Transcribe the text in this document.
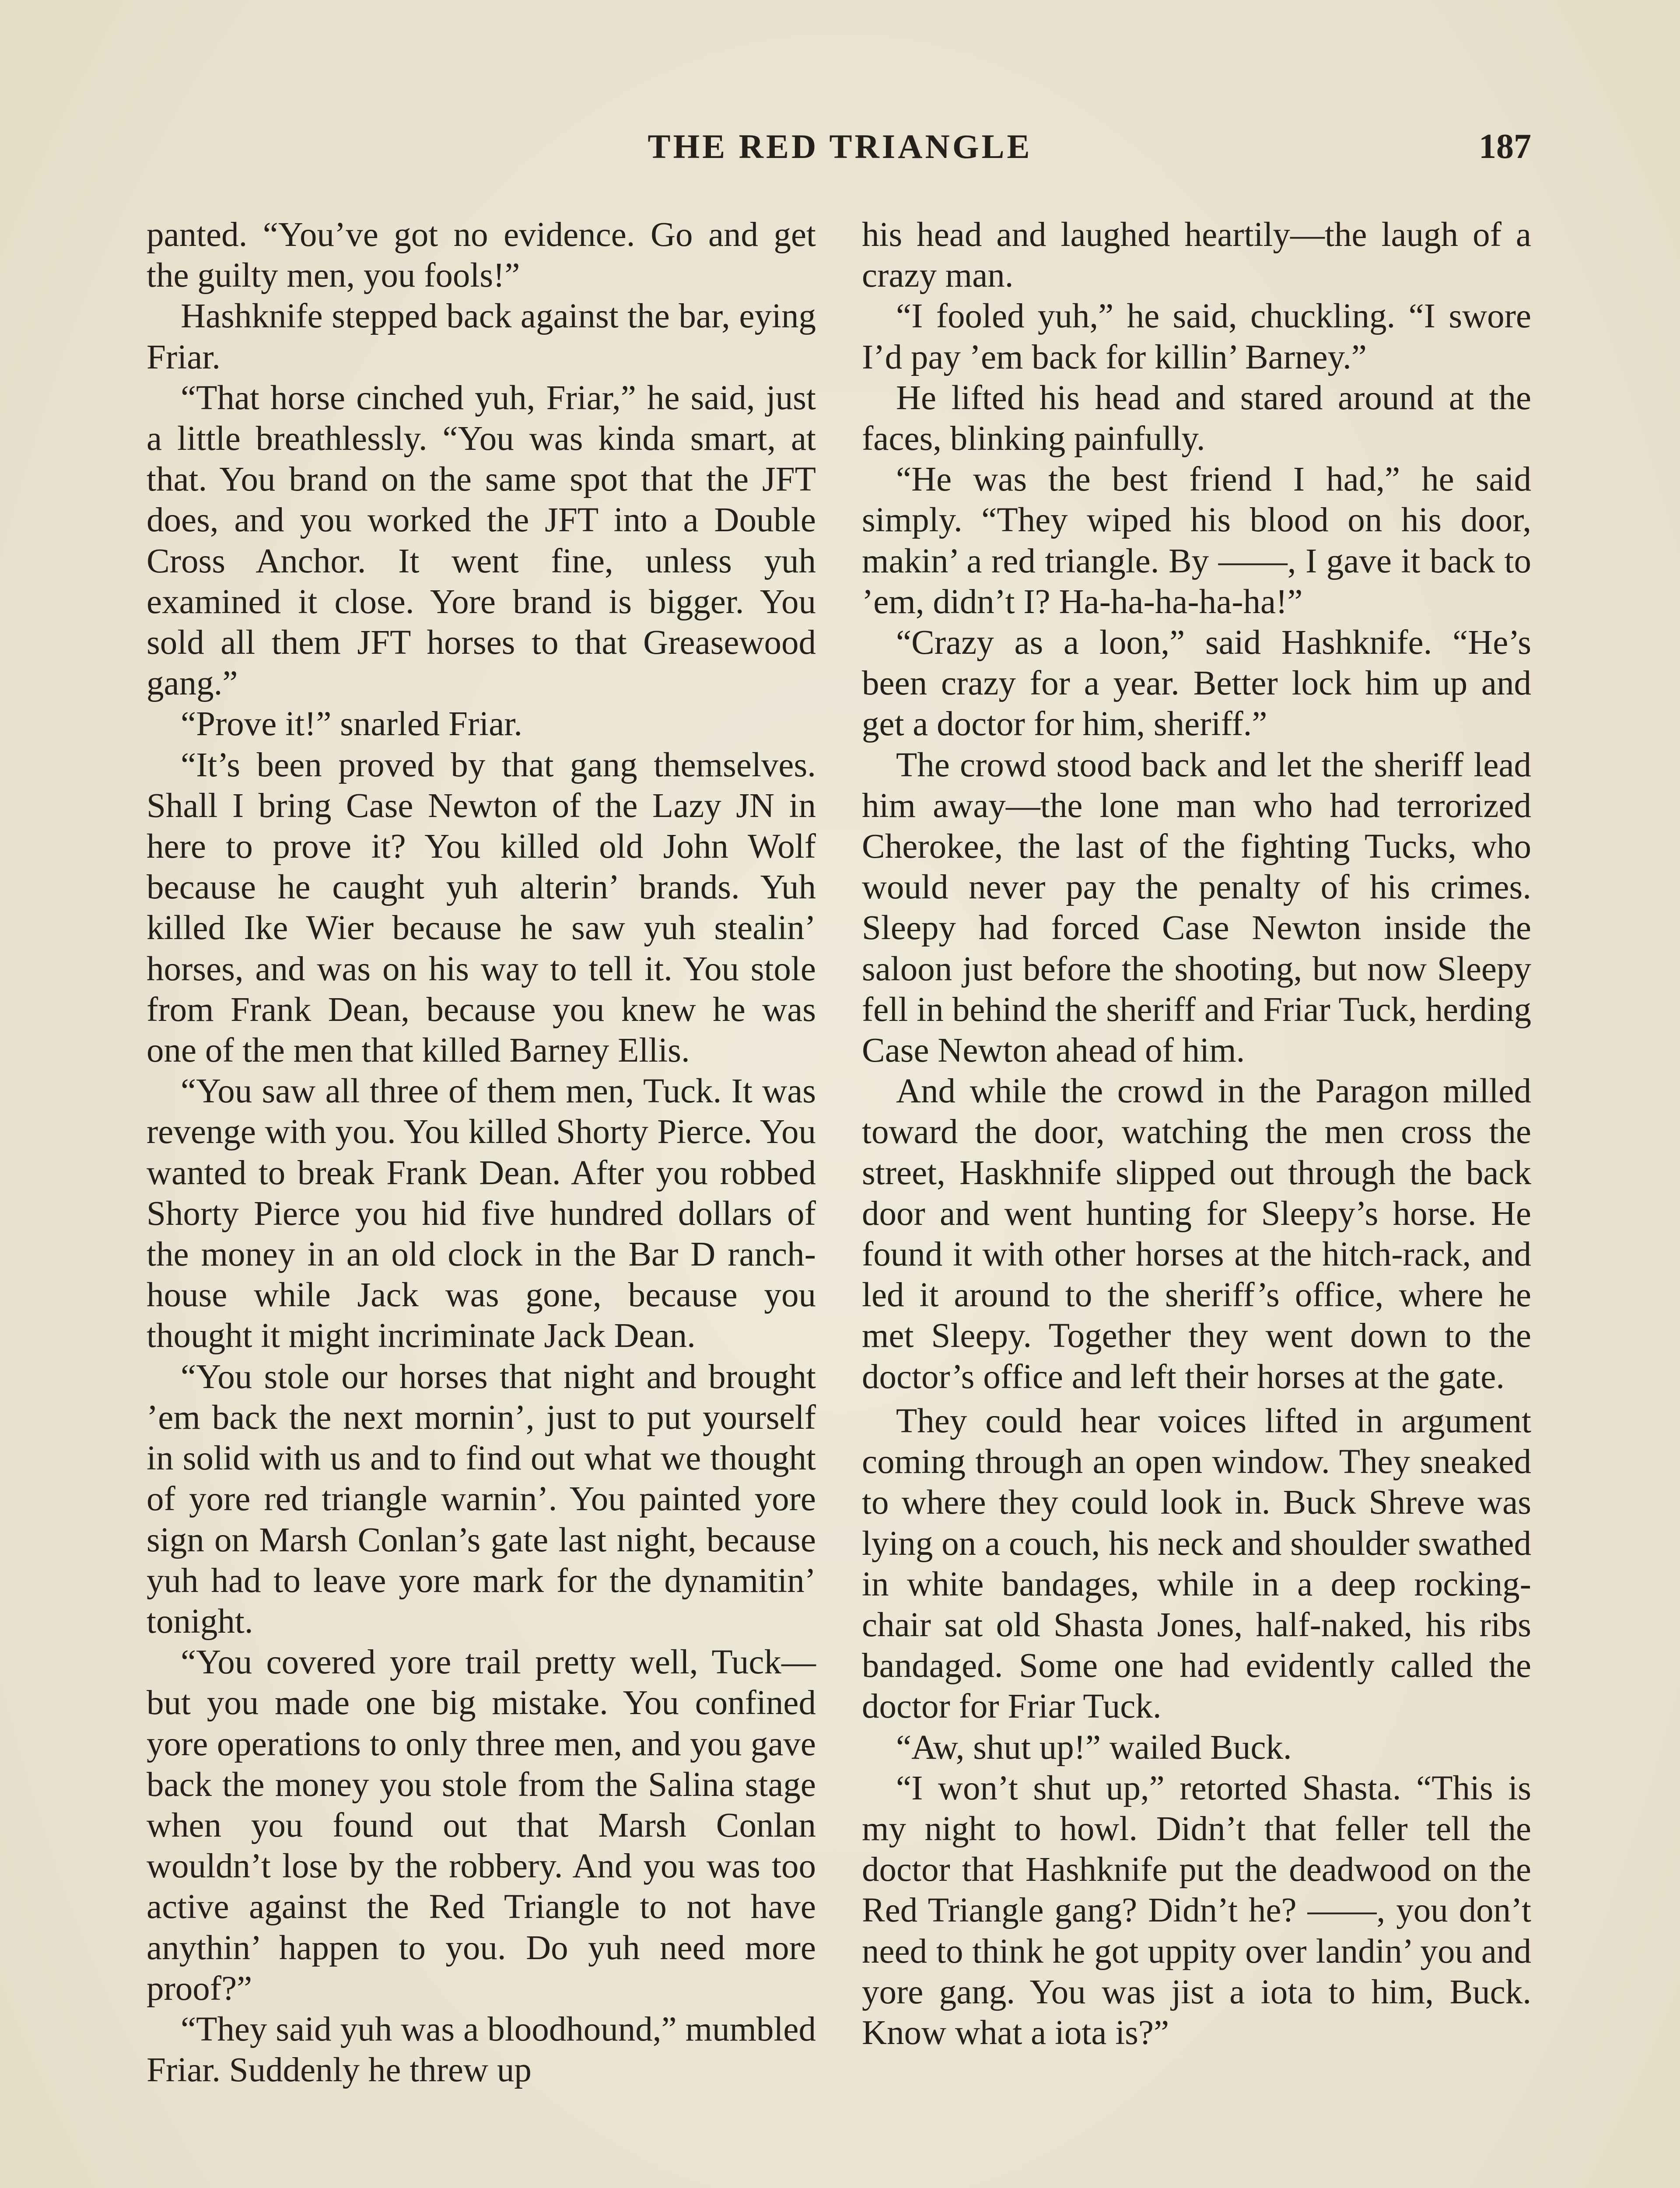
THE RED TRIANGLE	187

panted. “You’ve got no evidence. Go and get the guilty men, you fools!”

Hashknife stepped back against the bar, eying Friar.

“That horse cinched yuh, Friar,” he said, just a little breathlessly. “You was kinda smart, at that. You brand on the same spot that the JFT does, and you worked the JFT into a Double Cross Anchor. It went fine, unless yuh examined it close. Yore brand is bigger. You sold all them JFT horses to that Greasewood gang.”

“Prove it!” snarled Friar.

“It’s been proved by that gang themselves. Shall I bring Case Newton of the Lazy JN in here to prove it? You killed old John Wolf because he caught yuh alterin’ brands. Yuh killed Ike Wier because he saw yuh stealin’ horses, and was on his way to tell it. You stole from Frank Dean, because you knew he was one of the men that killed Barney Ellis.

“You saw all three of them men, Tuck. It was revenge with you. You killed Shorty Pierce. You wanted to break Frank Dean. After you robbed Shorty Pierce you hid five hundred dollars of the money in an old clock in the Bar D ranch-house while Jack was gone, because you thought it might incriminate Jack Dean.

“You stole our horses that night and brought ’em back the next mornin’, just to put yourself in solid with us and to find out what we thought of yore red triangle warnin’. You painted yore sign on Marsh Conlan’s gate last night, because yuh had to leave yore mark for the dynamitin’ tonight.

“You covered yore trail pretty well, Tuck—but you made one big mistake. You confined yore operations to only three men, and you gave back the money you stole from the Salina stage when you found out that Marsh Conlan wouldn’t lose by the robbery. And you was too active against the Red Triangle to not have anythin’ happen to you. Do yuh need more proof?”

“They said yuh was a bloodhound,” mumbled Friar. Suddenly he threw up

his head and laughed heartily—the laugh of a crazy man.

“I fooled yuh,” he said, chuckling. “I swore I’d pay ’em back for killin’ Barney.”

He lifted his head and stared around at the faces, blinking painfully.

“He was the best friend I had,” he said simply. “They wiped his blood on his door, makin’ a red triangle. By ——, I gave it back to ’em, didn’t I? Ha-ha-ha-ha-ha!”

“Crazy as a loon,” said Hashknife. “He’s been crazy for a year. Better lock him up and get a doctor for him, sheriff.”

The crowd stood back and let the sheriff lead him away—the lone man who had terrorized Cherokee, the last of the fighting Tucks, who would never pay the penalty of his crimes. Sleepy had forced Case Newton inside the saloon just before the shooting, but now Sleepy fell in behind the sheriff and Friar Tuck, herding Case Newton ahead of him.

And while the crowd in the Paragon milled toward the door, watching the men cross the street, Haskhnife slipped out through the back door and went hunting for Sleepy’s horse. He found it with other horses at the hitch-rack, and led it around to the sheriff’s office, where he met Sleepy. Together they went down to the doctor’s office and left their horses at the gate.

They could hear voices lifted in argument coming through an open window. They sneaked to where they could look in. Buck Shreve was lying on a couch, his neck and shoulder swathed in white bandages, while in a deep rocking-chair sat old Shasta Jones, half-naked, his ribs bandaged. Some one had evidently called the doctor for Friar Tuck.

“Aw, shut up!” wailed Buck.

“I won’t shut up,” retorted Shasta. “This is my night to howl. Didn’t that feller tell the doctor that Hashknife put the deadwood on the Red Triangle gang? Didn’t he? ——, you don’t need to think he got uppity over landin’ you and yore gang. You was jist a iota to him, Buck. Know what a iota is?”
